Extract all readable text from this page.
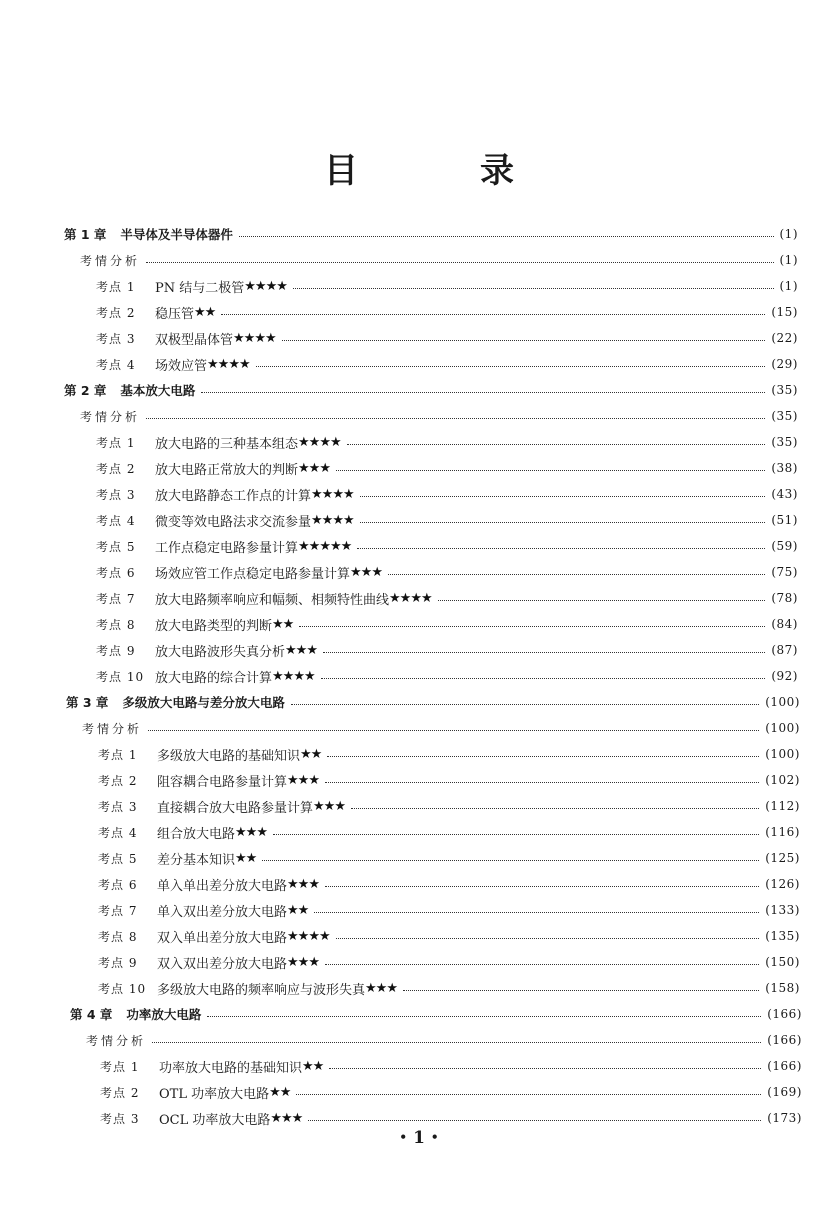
目　录
第 1 章 半导体及半导体器件	(1)
考情分析	(1)
考点 1	PN 结与二极管 ★★★★	(1)
考点 2	稳压管 ★★	(15)
考点 3	双极型晶体管 ★★★★	(22)
考点 4	场效应管 ★★★★	(29)
第 2 章 基本放大电路	(35)
考情分析	(35)
考点 1	放大电路的三种基本组态 ★★★★	(35)
考点 2	放大电路正常放大的判断 ★★★	(38)
考点 3	放大电路静态工作点的计算 ★★★★	(43)
考点 4	微变等效电路法求交流参量 ★★★★	(51)
考点 5	工作点稳定电路参量计算 ★★★★★	(59)
考点 6	场效应管工作点稳定电路参量计算 ★★★	(75)
考点 7	放大电路频率响应和幅频、相频特性曲线 ★★★★	(78)
考点 8	放大电路类型的判断 ★★	(84)
考点 9	放大电路波形失真分析 ★★★	(87)
考点 10 放大电路的综合计算 ★★★★	(92)
第 3 章 多级放大电路与差分放大电路	(100)
考情分析	(100)
考点 1	多级放大电路的基础知识 ★★	(100)
考点 2	阻容耦合电路参量计算 ★★★	(102)
考点 3	直接耦合放大电路参量计算 ★★★	(112)
考点 4	组合放大电路 ★★★	(116)
考点 5	差分基本知识 ★★	(125)
考点 6	单入单出差分放大电路 ★★★	(126)
考点 7	单入双出差分放大电路 ★★	(133)
考点 8	双入单出差分放大电路 ★★★★	(135)
考点 9	双入双出差分放大电路 ★★★	(150)
考点 10 多级放大电路的频率响应与波形失真 ★★★	(158)
第 4 章 功率放大电路	(166)
考情分析	(166)
考点 1	功率放大电路的基础知识 ★★	(166)
考点 2	OTL 功率放大电路 ★★	(169)
考点 3	OCL 功率放大电路 ★★★	(173)
• 1 •
